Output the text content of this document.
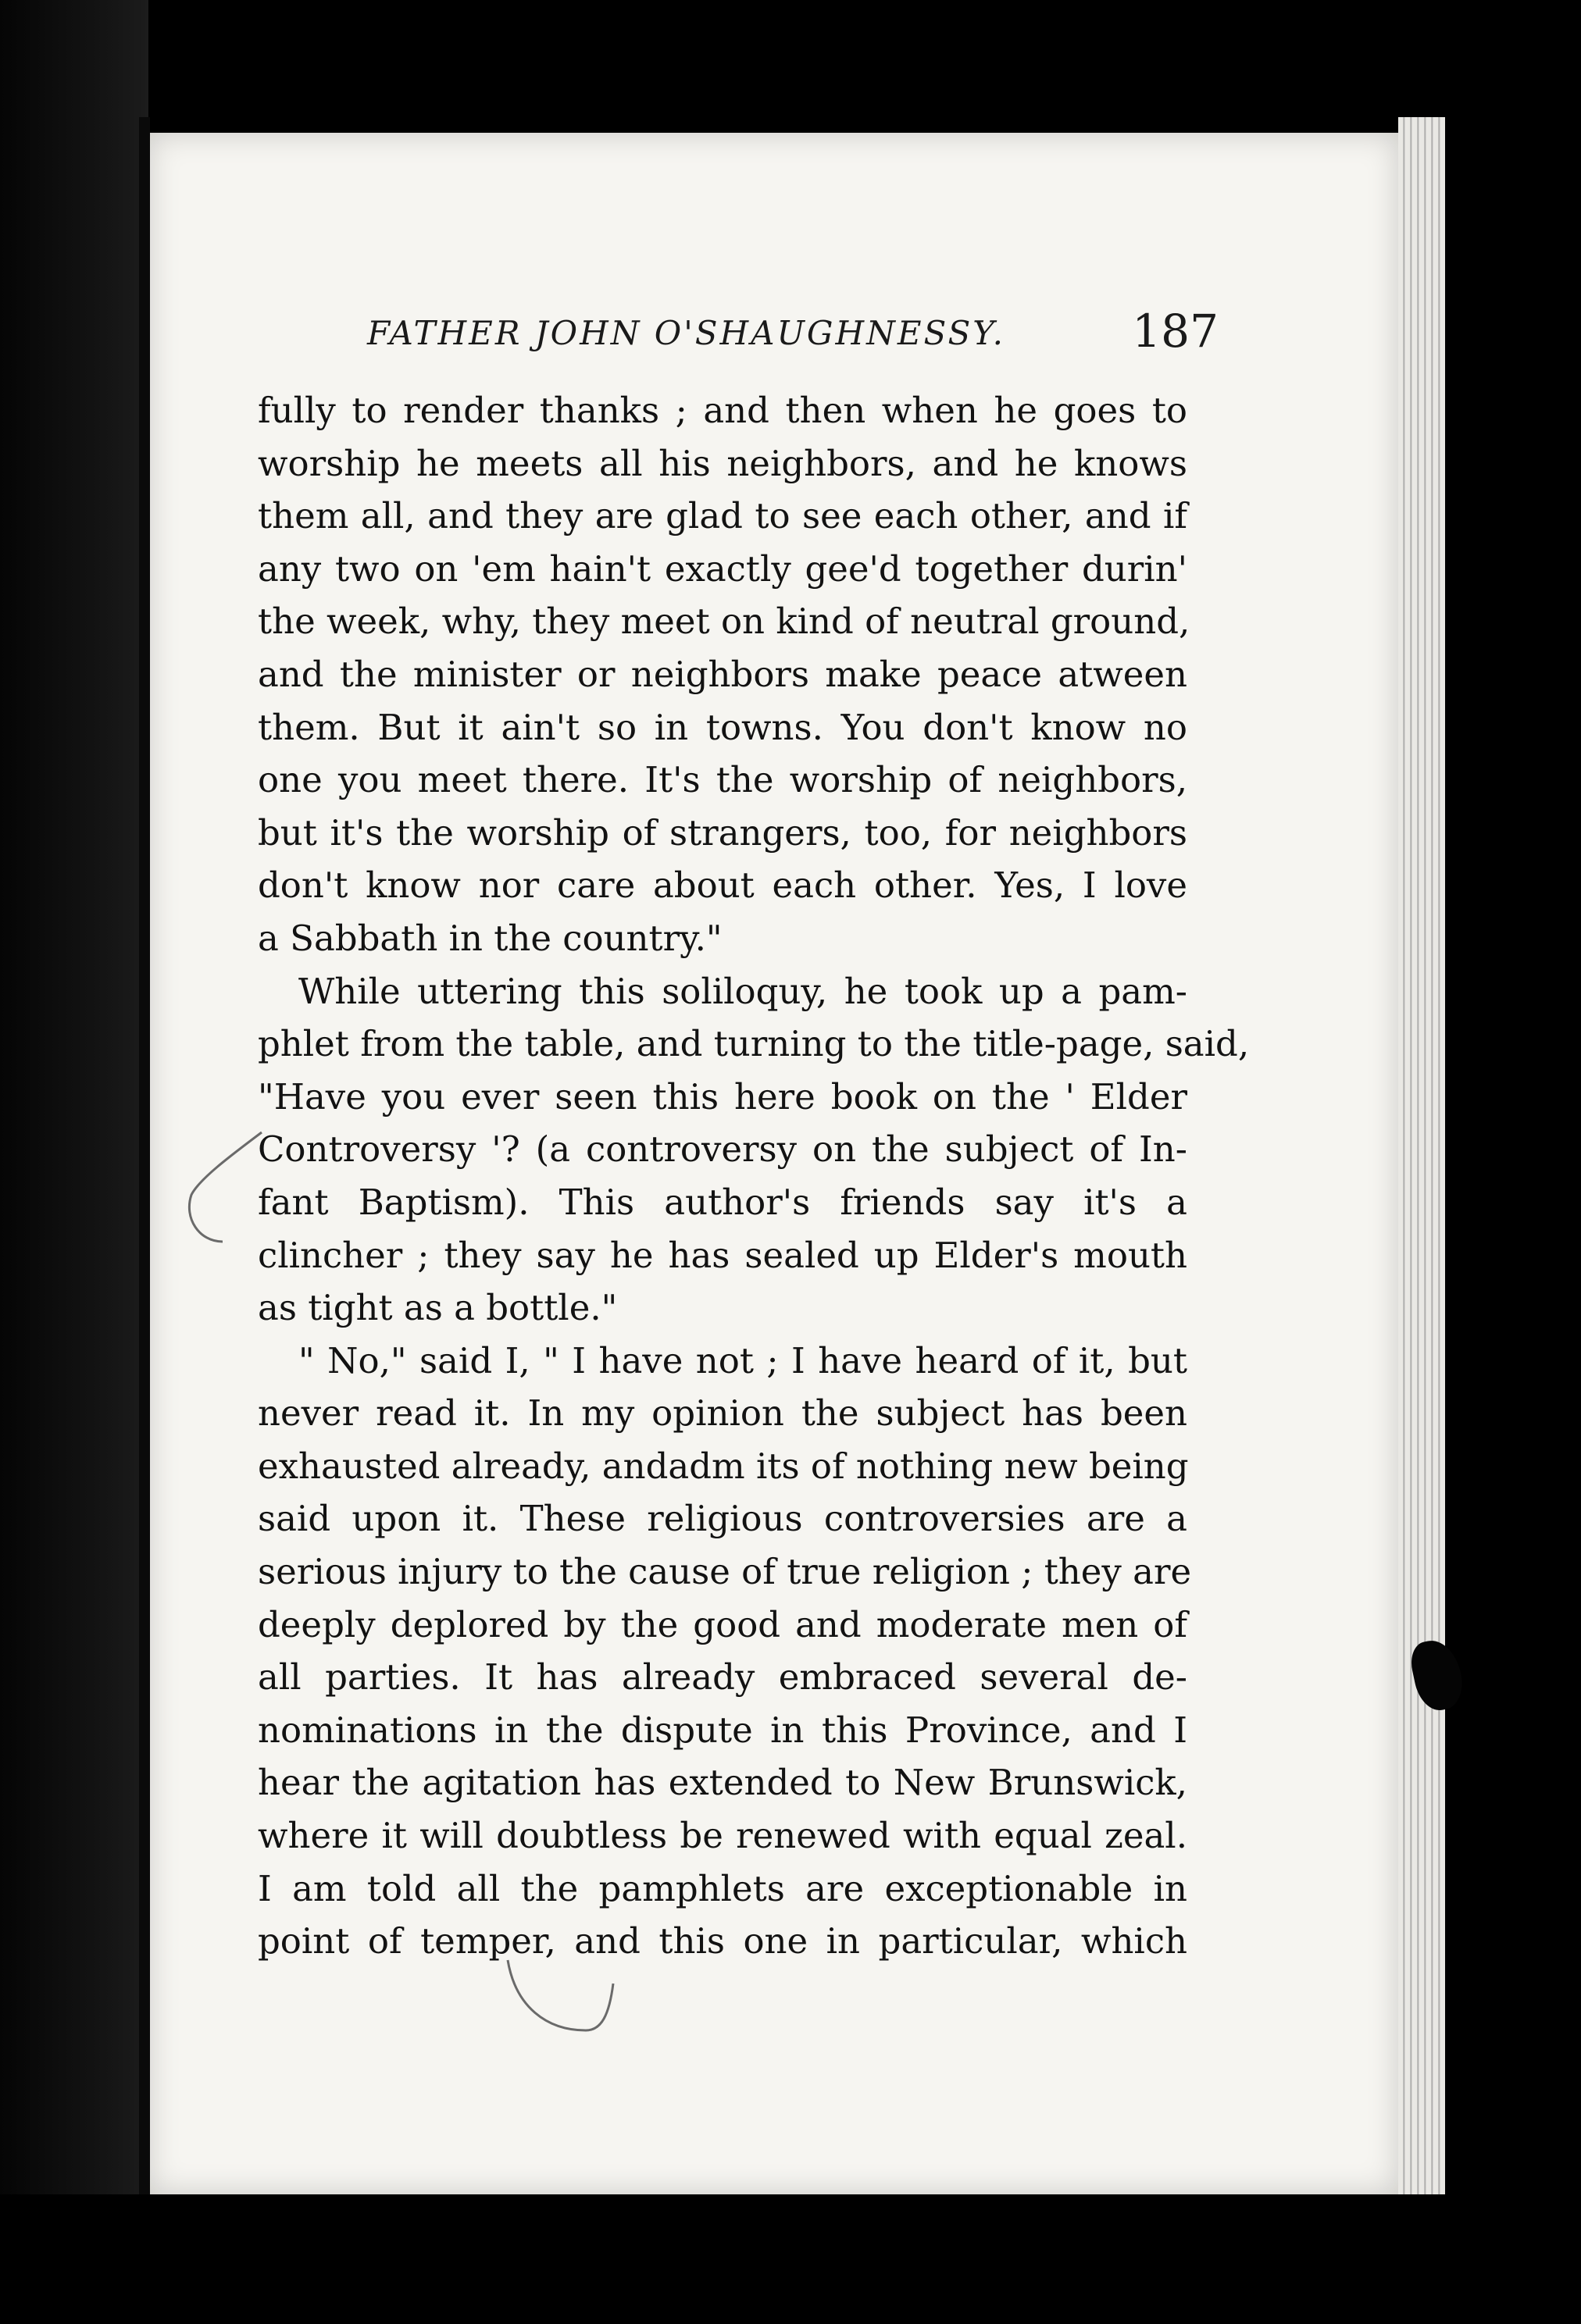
FATHER JOHN O'SHAUGHNESSY.	187
fully to render thanks ; and then when he goes to
worship he meets all his neighbors, and he knows
them all, and they are glad to see each other, and if
any two on 'em hain't exactly gee'd together durin'
the week, why, they meet on kind of neutral ground,
and the minister or neighbors make peace atween
them. But it ain't so in towns. You don't know no
one you meet there. It's the worship of neighbors,
but it's the worship of strangers, too, for neighbors
don't know nor care about each other. Yes, I love
a Sabbath in the country."
While uttering this soliloquy, he took up a pam-
phlet from the table, and turning to the title-page, said,
"Have you ever seen this here book on the ' Elder
Controversy '? (a controversy on the subject of In-
fant Baptism). This author's friends say it's a
clincher ; they say he has sealed up Elder's mouth
as tight as a bottle."
" No," said I, " I have not ; I have heard of it, but
never read it. In my opinion the subject has been
exhausted already, andadm its of nothing new being
said upon it. These religious controversies are a
serious injury to the cause of true religion ; they are
deeply deplored by the good and moderate men of
all parties. It has already embraced several de-
nominations in the dispute in this Province, and I
hear the agitation has extended to New Brunswick,
where it will doubtless be renewed with equal zeal.
I am told all the pamphlets are exceptionable in
point of temper, and this one in particular, which
